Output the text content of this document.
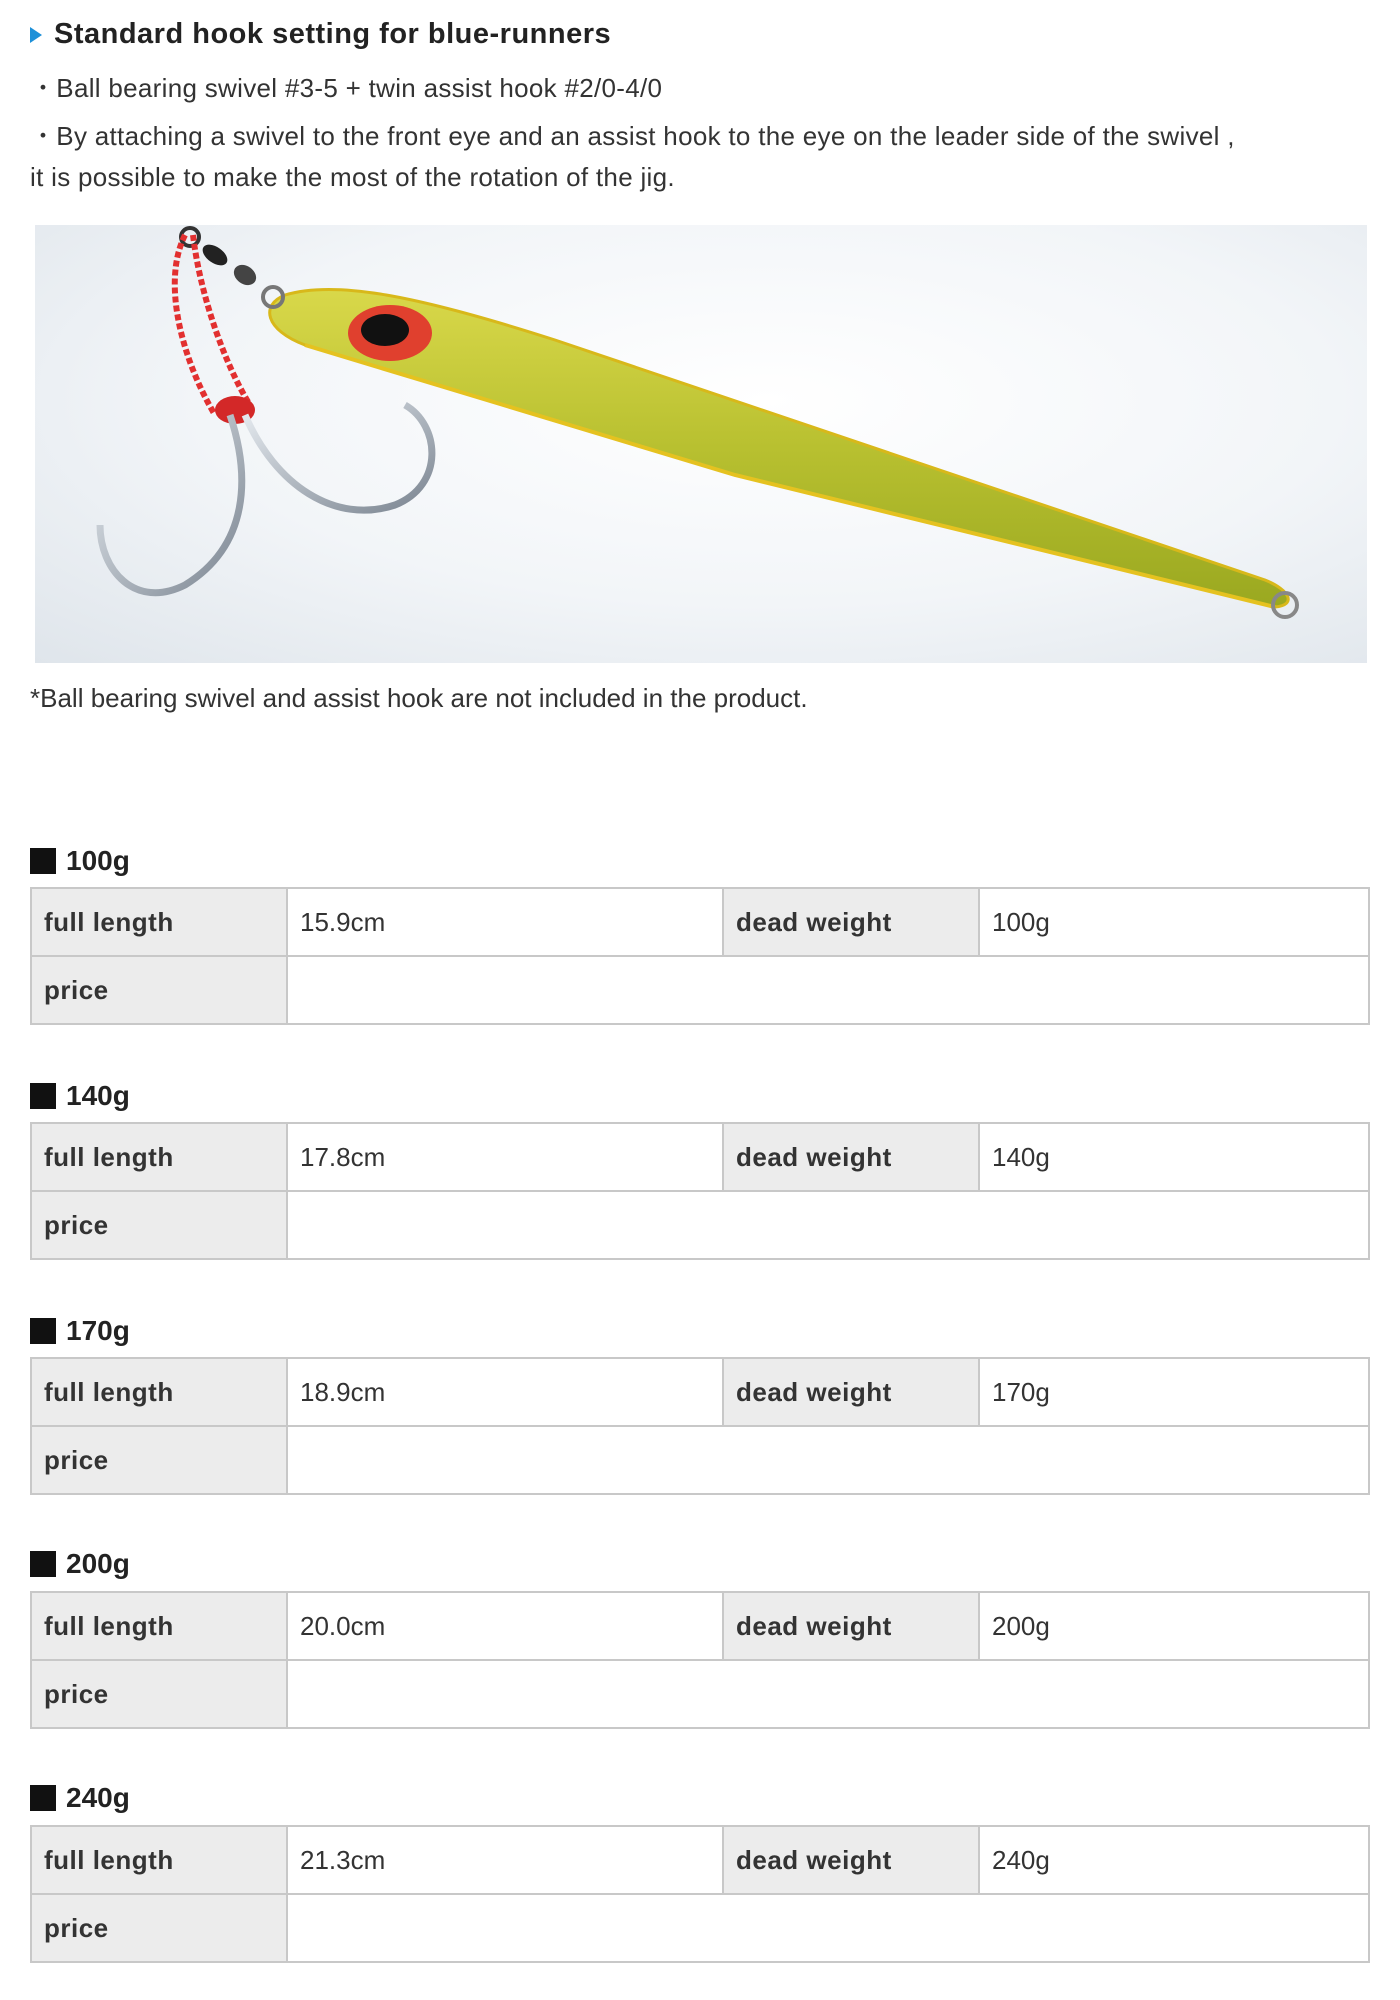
Standard hook setting for blue-runners
・Ball bearing swivel #3-5 + twin assist hook #2/0-4/0
・By attaching a swivel to the front eye and an assist hook to the eye on the leader side of the swivel ,
it is possible to make the most of the rotation of the jig.
*Ball bearing swivel and assist hook are not included in the product.
100g
full length	15.9cm	dead weight	100g
price			
140g
full length	17.8cm	dead weight	140g
price			
170g
full length	18.9cm	dead weight	170g
price			
200g
full length	20.0cm	dead weight	200g
price			
240g
full length	21.3cm	dead weight	240g
price			
